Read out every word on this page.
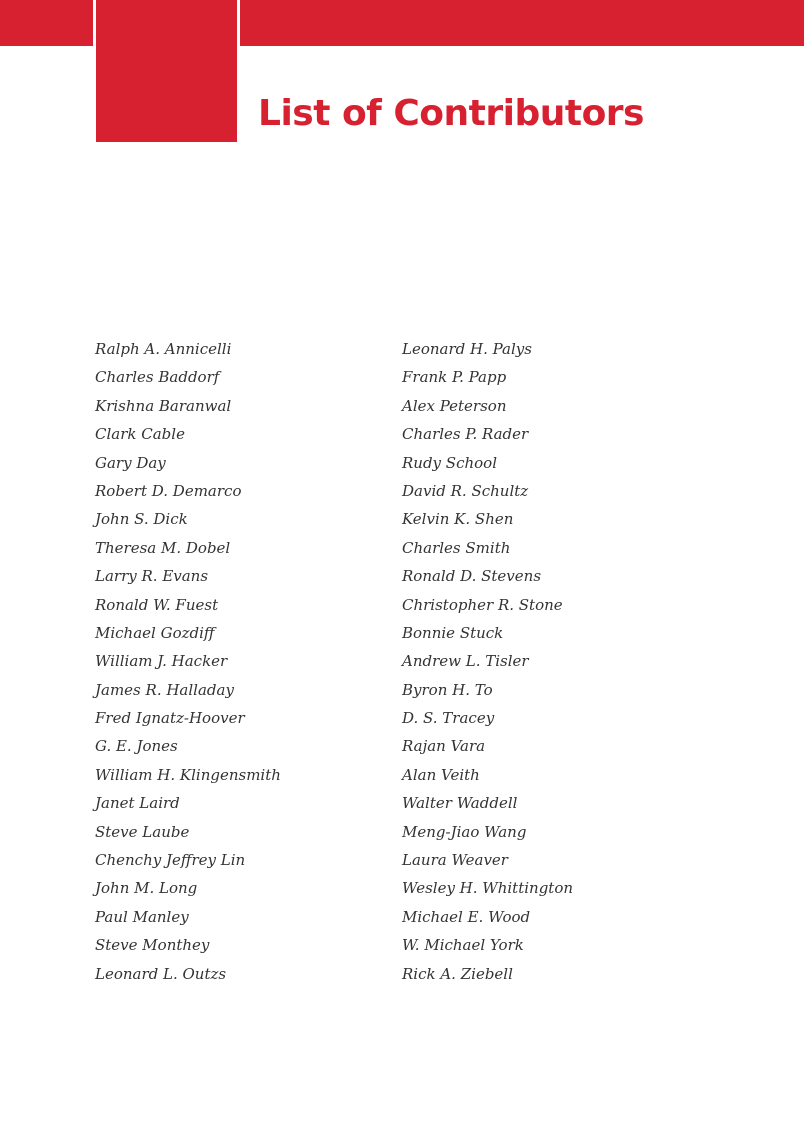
List of Contributors
Ralph A. Annicelli
Charles Baddorf
Krishna Baranwal
Clark Cable
Gary Day
Robert D. Demarco
John S. Dick
Theresa M. Dobel
Larry R. Evans
Ronald W. Fuest
Michael Gozdiff
William J. Hacker
James R. Halladay
Fred Ignatz-Hoover
G. E. Jones
William H. Klingensmith
Janet Laird
Steve Laube
Chenchy Jeffrey Lin
John M. Long
Paul Manley
Steve Monthey
Leonard L. Outzs
Leonard H. Palys
Frank P. Papp
Alex Peterson
Charles P. Rader
Rudy School
David R. Schultz
Kelvin K. Shen
Charles Smith
Ronald D. Stevens
Christopher R. Stone
Bonnie Stuck
Andrew L. Tisler
Byron H. To
D. S. Tracey
Rajan Vara
Alan Veith
Walter Waddell
Meng-Jiao Wang
Laura Weaver
Wesley H. Whittington
Michael E. Wood
W. Michael York
Rick A. Ziebell
